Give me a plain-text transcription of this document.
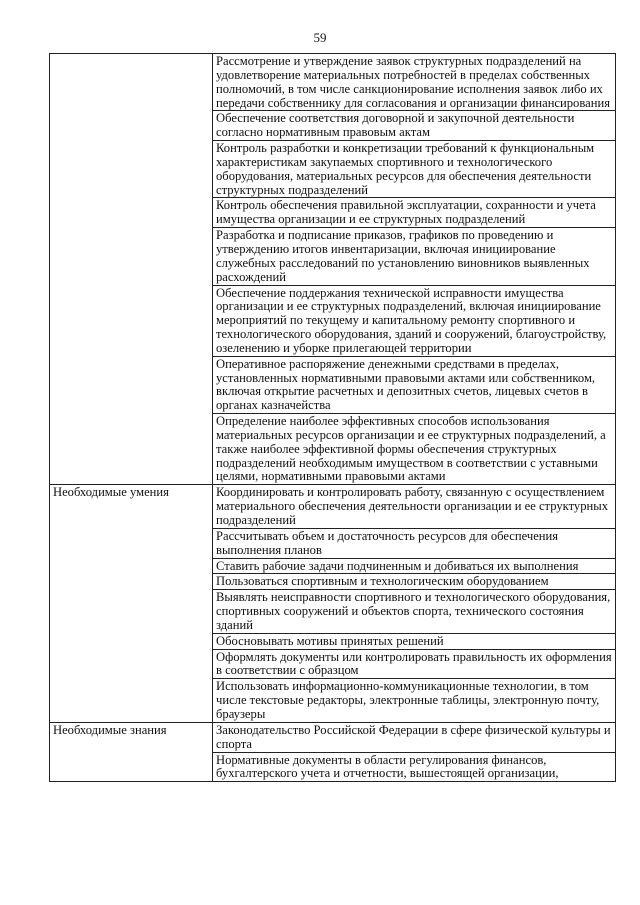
59

	Рассмотрение и утверждение заявок структурных подразделений на удовлетворение материальных потребностей в пределах собственных полномочий, в том числе санкционирование исполнения заявок либо их передачи собственнику для согласования и организации финансирования

	Обеспечение соответствия договорной и закупочной деятельности согласно нормативным правовым актам

	Контроль разработки и конкретизации требований к функциональным характеристикам закупаемых спортивного и технологического оборудования, материальных ресурсов для обеспечения деятельности структурных подразделений

	Контроль обеспечения правильной эксплуатации, сохранности и учета имущества организации и ее структурных подразделений

	Разработка и подписание приказов, графиков по проведению и утверждению итогов инвентаризации, включая инициирование служебных расследований по установлению виновников выявленных расхождений

	Обеспечение поддержания технической исправности имущества организации и ее структурных подразделений, включая инициирование мероприятий по текущему и капитальному ремонту спортивного и технологического оборудования, зданий и сооружений, благоустройству, озеленению и уборке прилегающей территории

	Оперативное распоряжение денежными средствами в пределах, установленных нормативными правовыми актами или собственником, включая открытие расчетных и депозитных счетов, лицевых счетов в органах казначейства

	Определение наиболее эффективных способов использования материальных ресурсов организации и ее структурных подразделений, а также наиболее эффективной формы обеспечения структурных подразделений необходимым имуществом в соответствии с уставными целями, нормативными правовыми актами

Необходимые умения	Координировать и контролировать работу, связанную с осуществлением материального обеспечения деятельности организации и ее структурных подразделений

	Рассчитывать объем и достаточность ресурсов для обеспечения выполнения планов

	Ставить рабочие задачи подчиненным и добиваться их выполнения

	Пользоваться спортивным и технологическим оборудованием

	Выявлять неисправности спортивного и технологического оборудования, спортивных сооружений и объектов спорта, технического состояния зданий

	Обосновывать мотивы принятых решений

	Оформлять документы или контролировать правильность их оформления в соответствии с образцом

	Использовать информационно-коммуникационные технологии, в том числе текстовые редакторы, электронные таблицы, электронную почту, браузеры

Необходимые знания	Законодательство Российской Федерации в сфере физической культуры и спорта

	Нормативные документы в области регулирования финансов, бухгалтерского учета и отчетности, вышестоящей организации,
